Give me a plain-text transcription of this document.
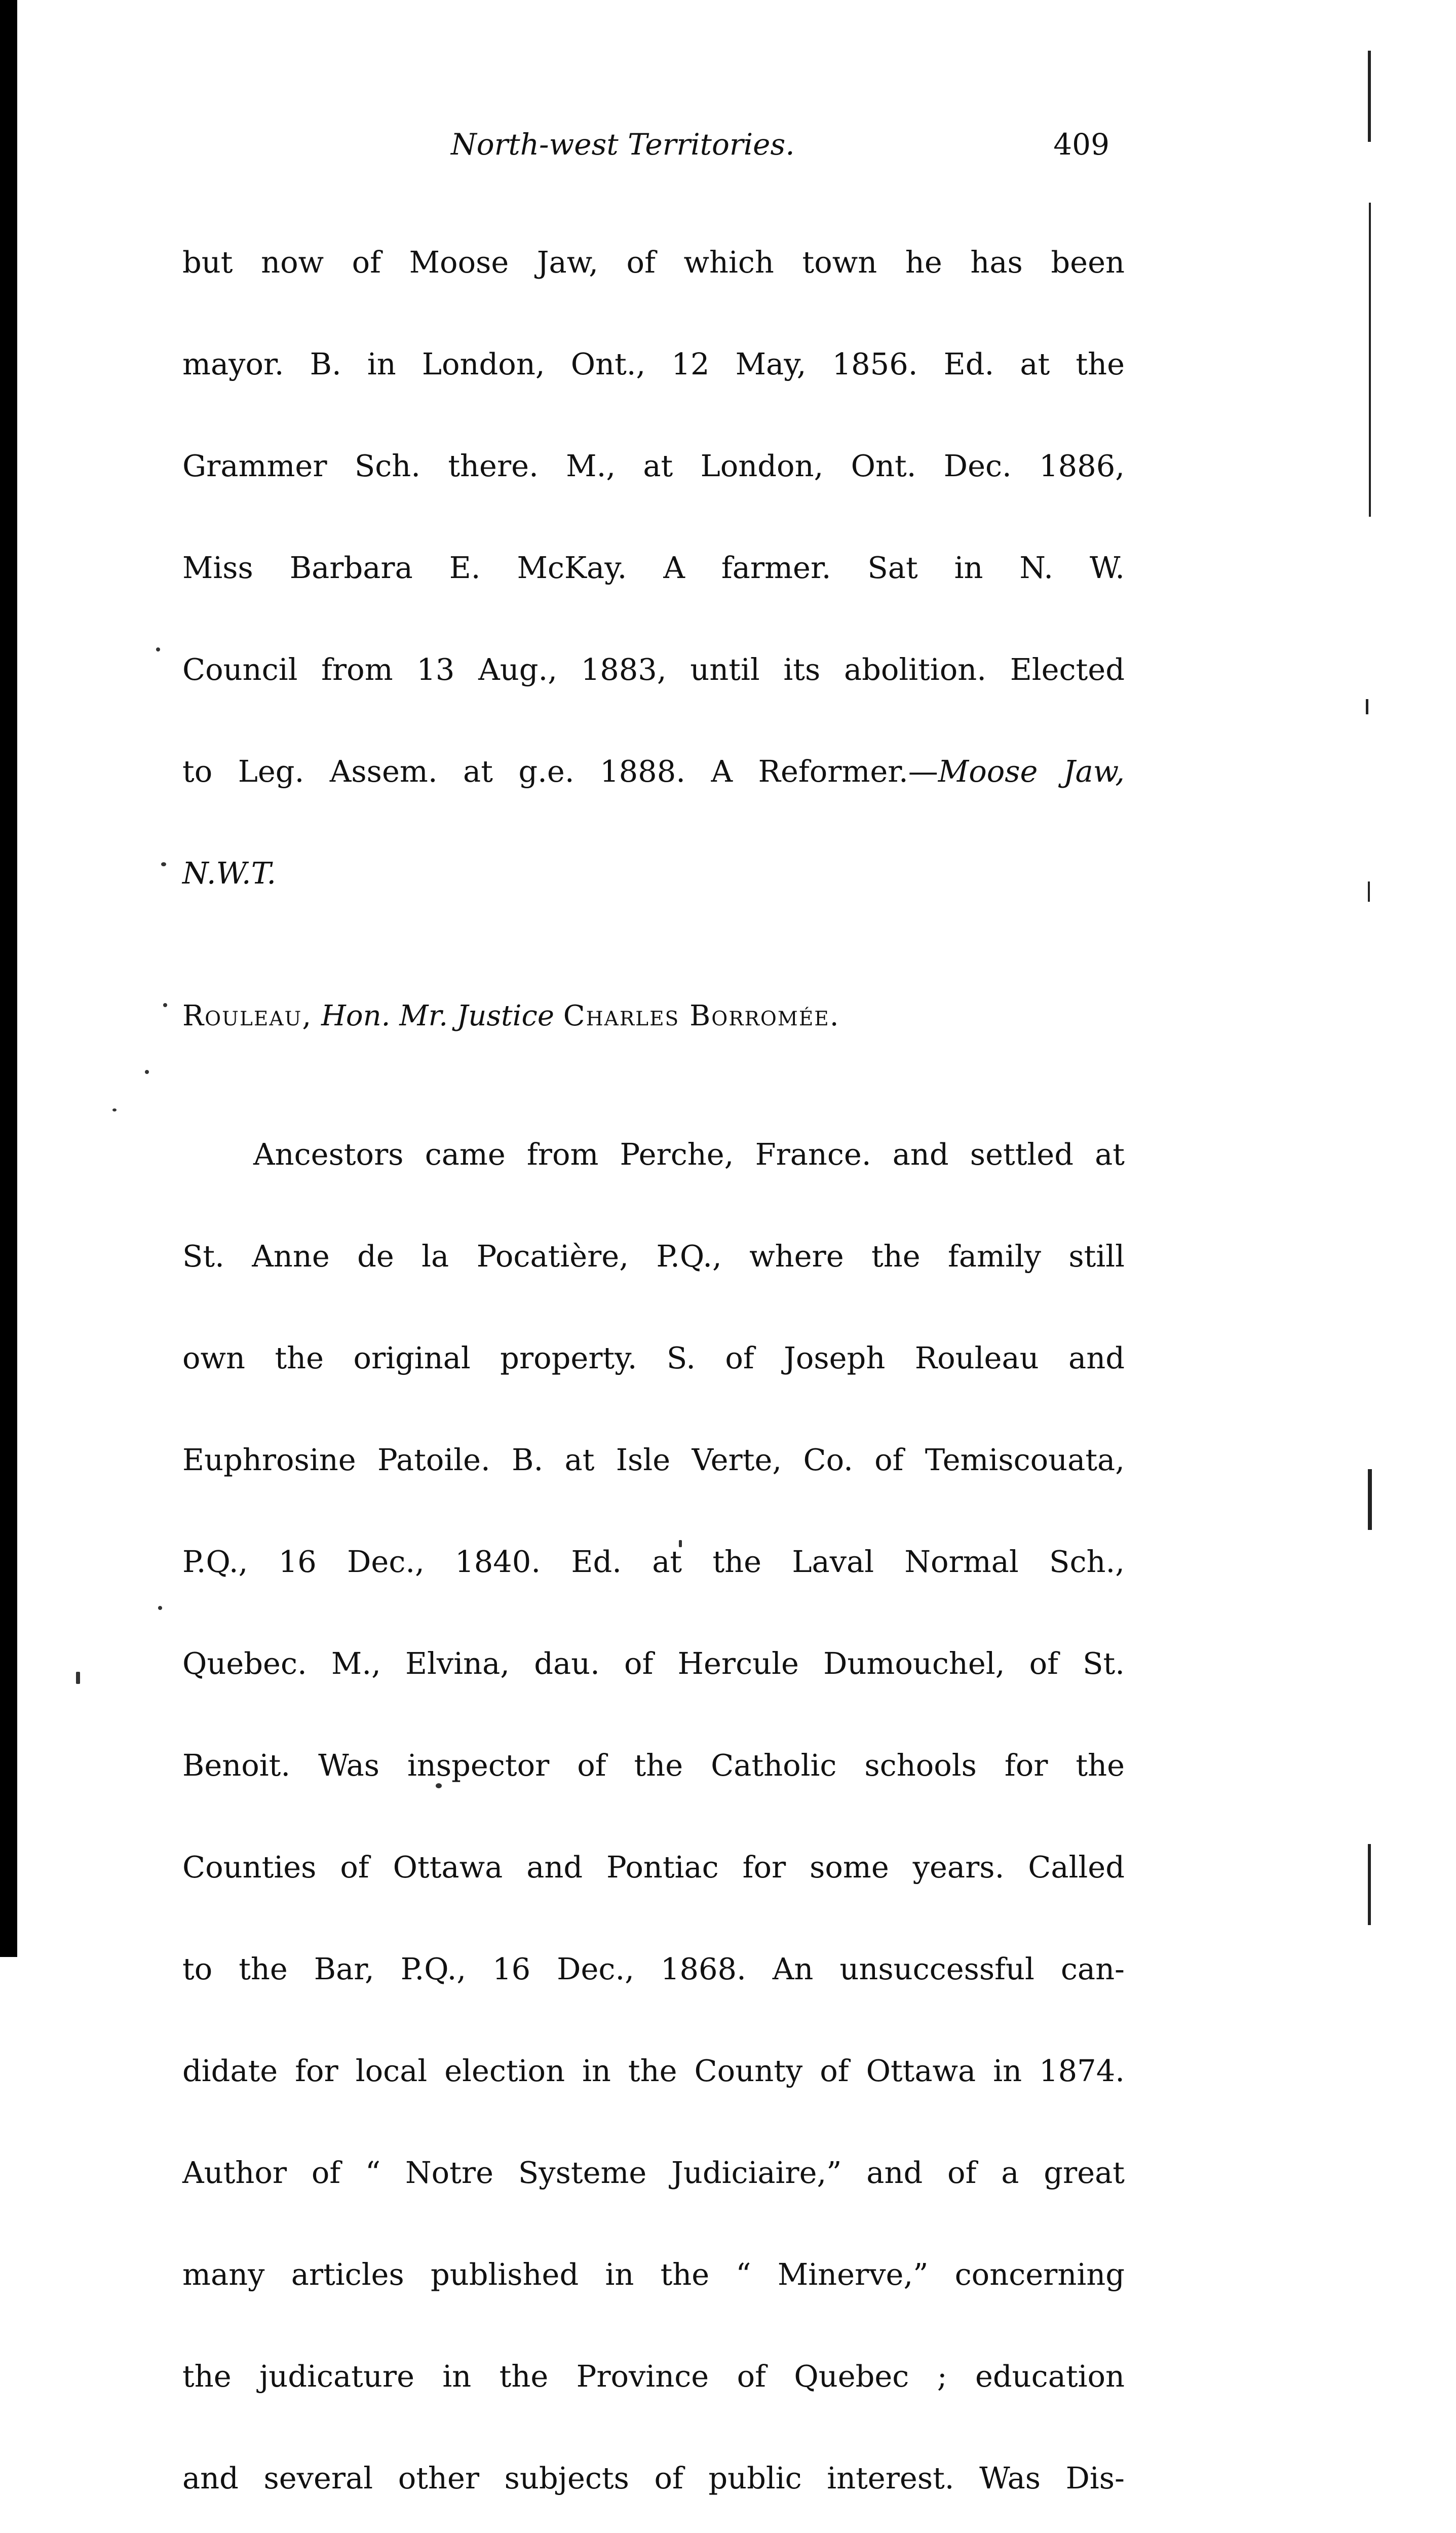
North-west Territories.	409

but now of Moose Jaw, of which town he has been

mayor. B. in London, Ont., 12 May, 1856. Ed. at the

Grammer Sch. there. M., at London, Ont. Dec. 1886,

Miss Barbara E. McKay. A farmer. Sat in N. W.

Council from 13 Aug., 1883, until its abolition. Elected

to Leg. Assem. at g.e. 1888. A Reformer.—Moose Jaw,

N.W.T.

Rouleau, Hon. Mr. Justice Charles Borromée.

Ancestors came from Perche, France. and settled at

St. Anne de la Pocatière, P.Q., where the family still

own the original property. S. of Joseph Rouleau and

Euphrosine Patoile. B. at Isle Verte, Co. of Temiscouata,

P.Q., 16 Dec., 1840. Ed. at the Laval Normal Sch.,

Quebec. M., Elvina, dau. of Hercule Dumouchel, of St.

Benoit. Was inspector of the Catholic schools for the

Counties of Ottawa and Pontiac for some years. Called

to the Bar, P.Q., 16 Dec., 1868. An unsuccessful can-

didate for local election in the County of Ottawa in 1874.

Author of “ Notre Systeme Judiciaire,” and of a great

many articles published in the “ Minerve,” concerning

the judicature in the Province of Quebec ; education

and several other subjects of public interest. Was Dis-
